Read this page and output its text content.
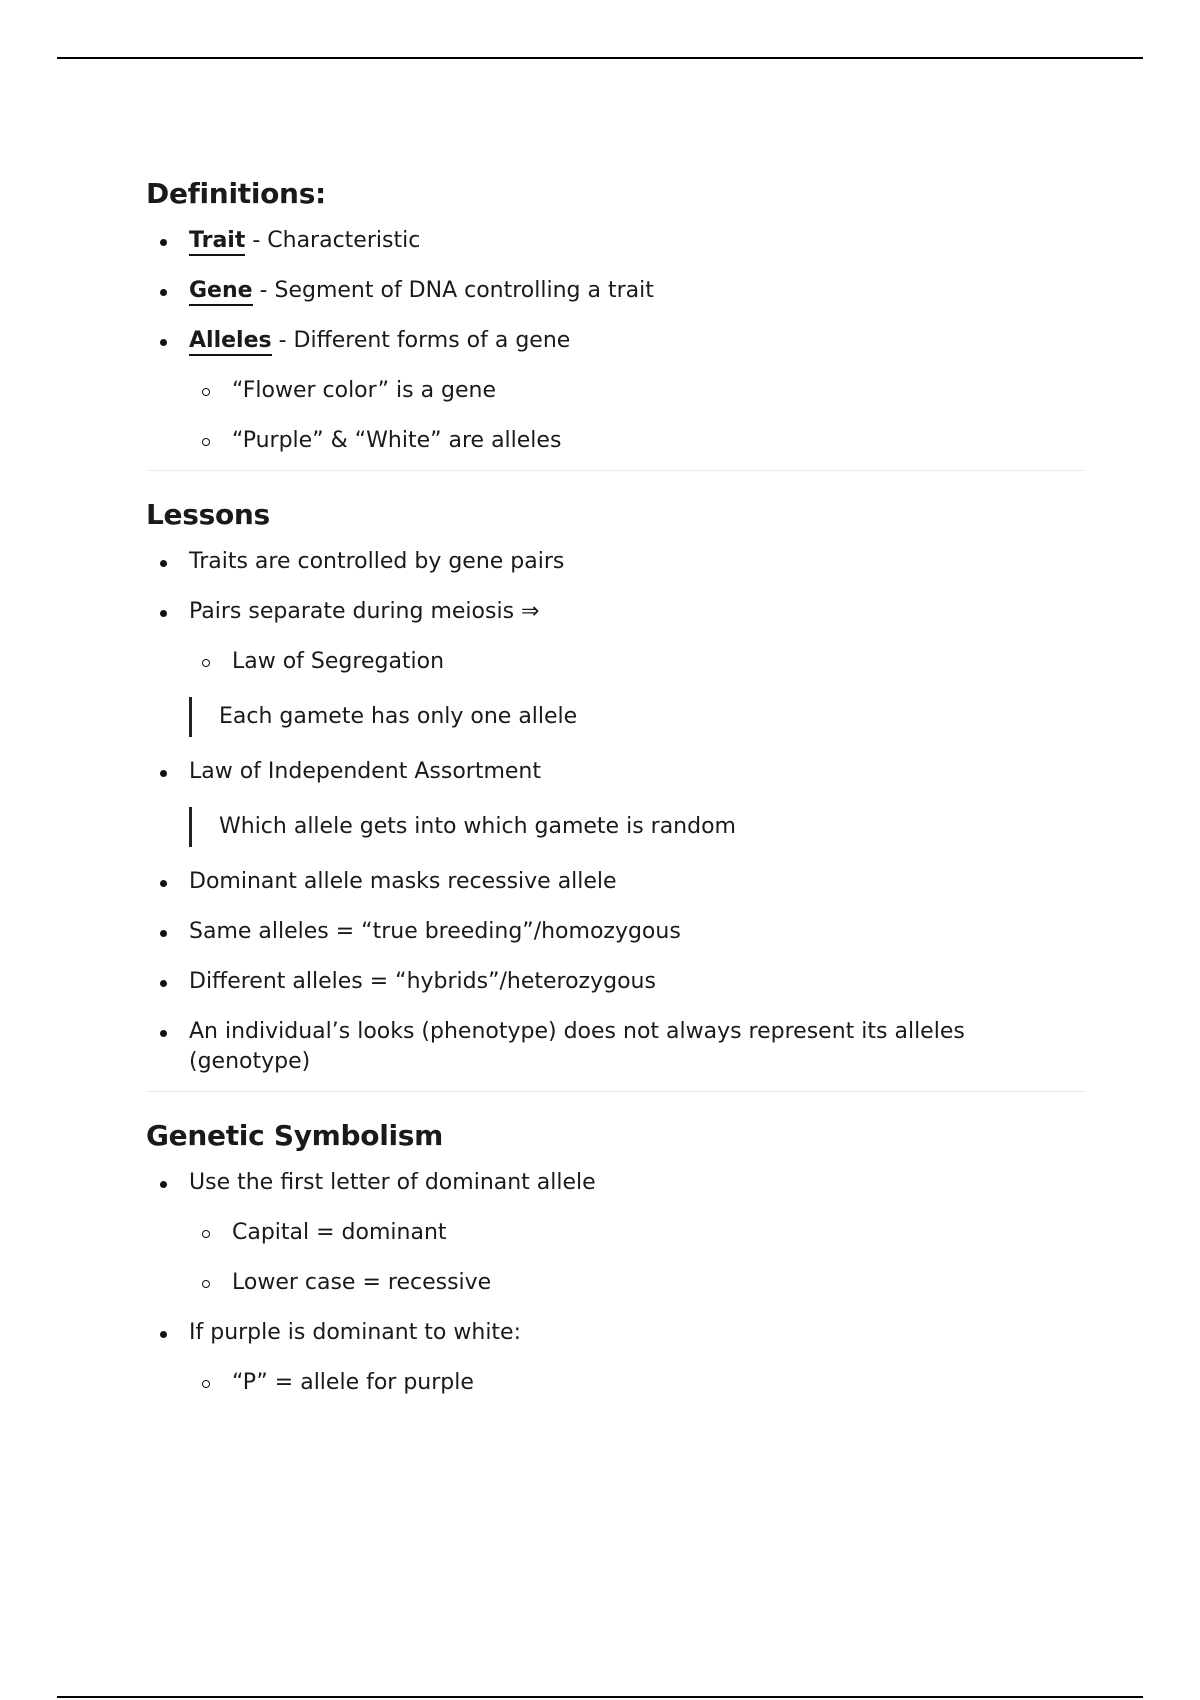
Definitions:
Trait - Characteristic
Gene - Segment of DNA controlling a trait
Alleles - Different forms of a gene
“Flower color” is a gene
“Purple” & “White” are alleles
Lessons
Traits are controlled by gene pairs
Pairs separate during meiosis ⇒
Law of Segregation
Each gamete has only one allele
Law of Independent Assortment
Which allele gets into which gamete is random
Dominant allele masks recessive allele
Same alleles = “true breeding”/homozygous
Different alleles = “hybrids”/heterozygous
An individual’s looks (phenotype) does not always represent its alleles (genotype)
Genetic Symbolism
Use the first letter of dominant allele
Capital = dominant
Lower case = recessive
If purple is dominant to white:
“P” = allele for purple
